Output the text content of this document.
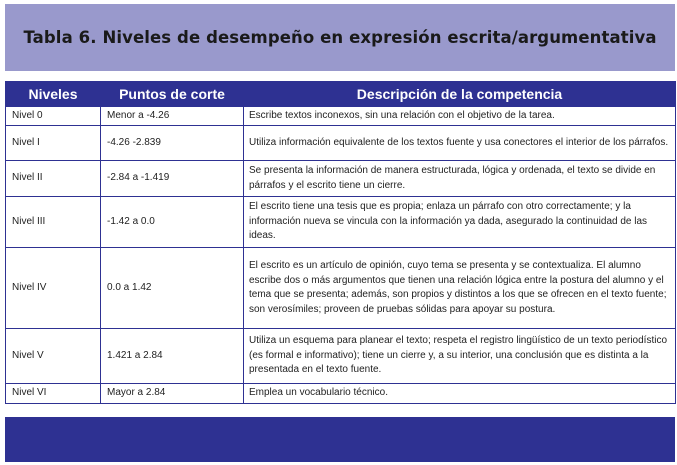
Tabla 6. Niveles de desempeño en expresión escrita/argumentativa
Niveles	Puntos de corte	Descripción de la competencia
Nivel 0	Menor a -4.26	Escribe textos inconexos, sin una relación con el objetivo de la tarea.
Nivel I	-4.26 -2.839	Utiliza información equivalente de los textos fuente y usa conectores el interior de los párrafos.
Nivel II	-2.84 a -1.419	Se presenta la información de manera estructurada, lógica y ordenada, el texto se divide en párrafos y el escrito tiene un cierre.
Nivel III	-1.42 a 0.0	El escrito tiene una tesis que es propia; enlaza un párrafo con otro correctamente; y la información nueva se vincula con la información ya dada, asegurado la continuidad de las ideas.
Nivel IV	0.0 a 1.42	El escrito es un artículo de opinión, cuyo tema se presenta y se contextualiza. El alumno escribe dos o más argumentos que tienen una relación lógica entre la postura del alumno y el tema que se presenta; además, son propios y distintos a los que se ofrecen en el texto fuente; son verosímiles; proveen de pruebas sólidas para apoyar su postura.
Nivel V	1.421 a 2.84	Utiliza un esquema para planear el texto; respeta el registro lingüístico de un texto periodístico (es formal e informativo); tiene un cierre y, a su interior, una conclusión que es distinta a la presentada en el texto fuente.
Nivel VI	Mayor a 2.84	Emplea un vocabulario técnico.
